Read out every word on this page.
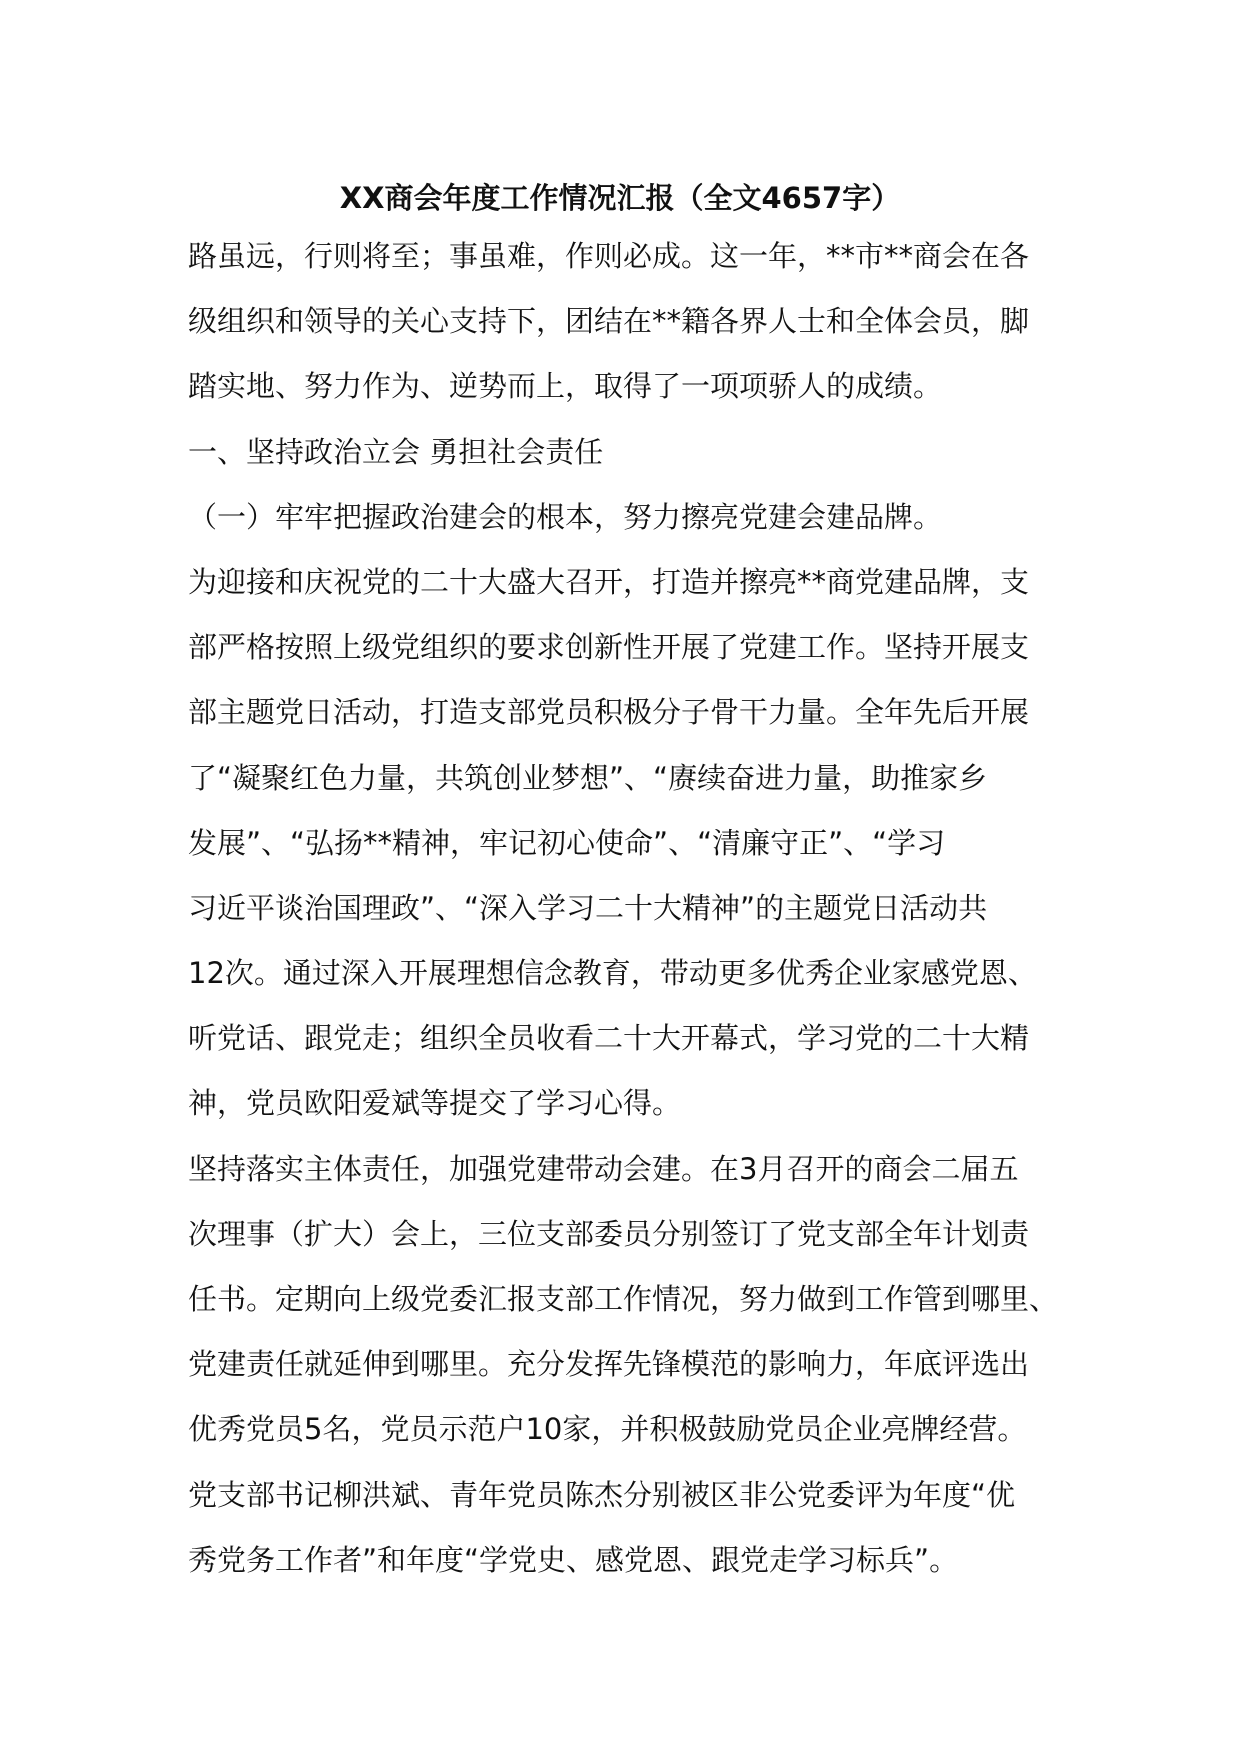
XX商会年度工作情况汇报（全文4657字）
路虽远，行则将至；事虽难，作则必成。这一年，**市**商会在各
级组织和领导的关心支持下，团结在**籍各界人士和全体会员，脚
踏实地、努力作为、逆势而上，取得了一项项骄人的成绩。
一、坚持政治立会 勇担社会责任
（一）牢牢把握政治建会的根本，努力擦亮党建会建品牌。
为迎接和庆祝党的二十大盛大召开，打造并擦亮**商党建品牌，支
部严格按照上级党组织的要求创新性开展了党建工作。坚持开展支
部主题党日活动，打造支部党员积极分子骨干力量。全年先后开展
了“凝聚红色力量，共筑创业梦想”、“赓续奋进力量，助推家乡
发展”、“弘扬**精神，牢记初心使命”、“清廉守正”、“学习
习近平谈治国理政”、“深入学习二十大精神”的主题党日活动共
12次。通过深入开展理想信念教育，带动更多优秀企业家感党恩、
听党话、跟党走；组织全员收看二十大开幕式，学习党的二十大精
神，党员欧阳爱斌等提交了学习心得。
坚持落实主体责任，加强党建带动会建。在3月召开的商会二届五
次理事（扩大）会上，三位支部委员分别签订了党支部全年计划责
任书。定期向上级党委汇报支部工作情况，努力做到工作管到哪里、
党建责任就延伸到哪里。充分发挥先锋模范的影响力，年底评选出
优秀党员5名，党员示范户10家，并积极鼓励党员企业亮牌经营。
党支部书记柳洪斌、青年党员陈杰分别被区非公党委评为年度“优
秀党务工作者”和年度“学党史、感党恩、跟党走学习标兵”。
